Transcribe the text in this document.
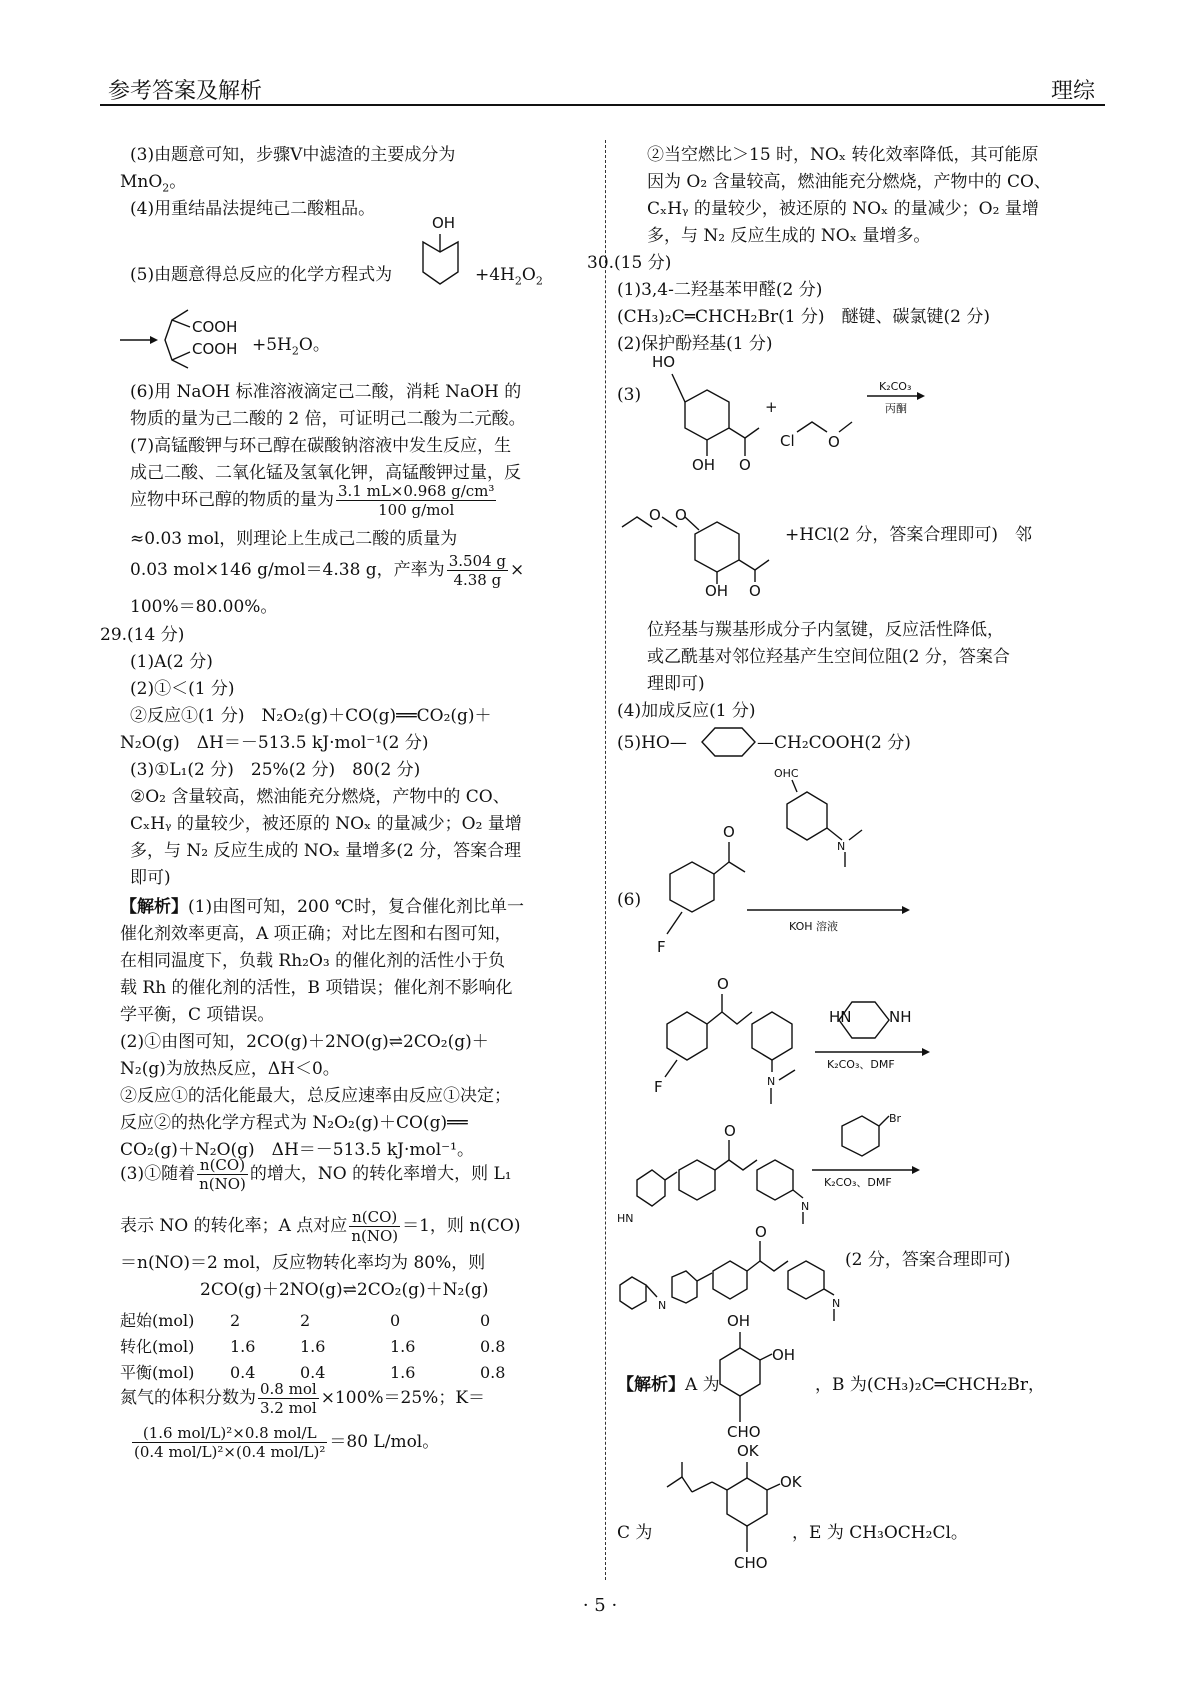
参考答案及解析	理综
(3)由题意可知，步骤Ⅴ中滤渣的主要成分为
MnO$_2$。
(4)用重结晶法提纯己二酸粗品。
(5)由题意得总反应的化学方程式为
OH
$+4H_2O_2$
COOH
COOH $+5H_2O$。
(6)用 NaOH 标准溶液滴定己二酸，消耗 NaOH 的
物质的量为己二酸的 2 倍，可证明己二酸为二元酸。
(7)高锰酸钾与环己醇在碳酸钠溶液中发生反应，生
成己二酸、二氧化锰及氢氧化钾，高锰酸钾过量，反
应物中环己醇的物质的量为 $\frac{\text{3.1 mL×0.968 g/cm³}}{\text{100 g/mol}}$
≈0.03 mol，则理论上生成己二酸的质量为
0.03 mol×146 g/mol＝4.38 g，产率为 $\frac{3.504 g}{4.38 g}$ ×
100%＝80.00%。
29.(14 分)
(1)A(2 分)
(2)①＜(1 分)
②反应①(1 分)　N₂O₂(g)＋CO(g)══CO₂(g)＋
N₂O(g)　ΔH＝－513.5 kJ·mol⁻¹(2 分)
(3)①L₁(2 分)　25%(2 分)　80(2 分)
②O₂ 含量较高，燃油能充分燃烧，产物中的 CO、
CₓHᵧ 的量较少，被还原的 NOₓ 的量减少；O₂ 量增
多，与 N₂ 反应生成的 NOₓ 量增多(2 分，答案合理
即可)
【解析】(1)由图可知，200 ℃时，复合催化剂比单一
催化剂效率更高，A 项正确；对比左图和右图可知，
在相同温度下，负载 Rh₂O₃ 的催化剂的活性小于负
载 Rh 的催化剂的活性，B 项错误；催化剂不影响化
学平衡，C 项错误。
(2)①由图可知，2CO(g)＋2NO(g)⇌2CO₂(g)＋
N₂(g)为放热反应，ΔH＜0。
②反应①的活化能最大，总反应速率由反应①决定；
反应②的热化学方程式为 N₂O₂(g)＋CO(g)══
CO₂(g)＋N₂O(g)　ΔH＝－513.5 kJ·mol⁻¹。
(3)①随着 $\frac{n(CO)}{n(NO)}$ 的增大，NO 的转化率增大，则 L₁
表示 NO 的转化率；A 点对应 $\frac{n(CO)}{n(NO)} =1$，则 n(CO)
＝n(NO)＝2 mol，反应物转化率均为 80%，则
2CO(g)＋2NO(g)⇌2CO₂(g)＋N₂(g)
起始(mol) 2	2	0	0
转化(mol) 1.6	1.6	1.6	0.8
平衡(mol) 0.4	0.4	1.6	0.8
氮气的体积分数为 $\frac{\text{0.8 mol}}{\text{3.2 mol}} \times 100\%=25\%$；K＝
$\frac{\text{(1.6 mol/L)²×0.8 mol/L}}{\text{(0.4 mol/L)²×(0.4 mol/L)²}} =80$ L/mol。
②当空燃比＞15 时，NOₓ 转化效率降低，其可能原
因为 O₂ 含量较高，燃油能充分燃烧，产物中的 CO、
CₓHᵧ 的量较少，被还原的 NOₓ 的量减少；O₂ 量增
多，与 N₂ 反应生成的 NOₓ 量增多。
30.(15 分)
(1)3,4-二羟基苯甲醛(2 分)
(CH₃)₂C═CHCH₂Br(1 分)　醚键、碳氯键(2 分)
(2)保护酚羟基(1 分)
(3)
HO
OH O
+
Cl O
K₂CO₃
丙酮
O O
OH O
+HCl(2 分，答案合理即可)　邻
位羟基与羰基形成分子内氢键，反应活性降低，
或乙酰基对邻位羟基产生空间位阻(2 分，答案合
理即可)
(4)加成反应(1 分)
(5)HO—	—CH₂COOH(2 分)
(6)
F
O
OHC
N
KOH 溶液
F
O
N
HN	NH
K₂CO₃、DMF
HN
O
N
Br
K₂CO₃、DMF
N
O
N
(2 分，答案合理即可)
【解析】A 为
OH
OH
CHO
，B 为(CH₃)₂C═CHCH₂Br，
C 为
OK
OK
CHO
，E 为 CH₃OCH₂Cl。
· 5 ·
